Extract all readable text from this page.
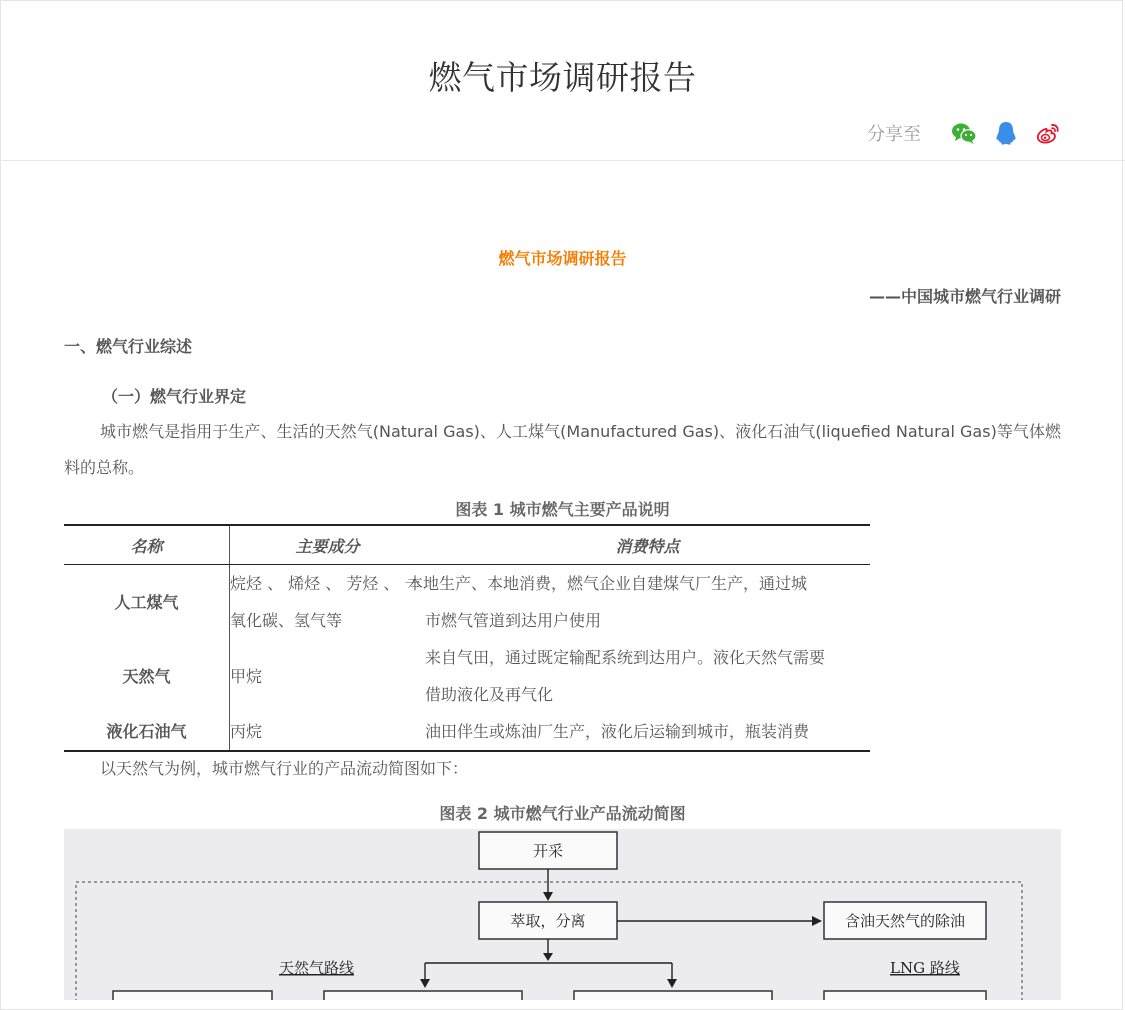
燃气市场调研报告
分享至
燃气市场调研报告
——中国城市燃气行业调研
一、燃气行业综述
（一）燃气行业界定
城市燃气是指用于生产、生活的天然气(Natural Gas)、人工煤气(Manufactured Gas)、液化石油气(liquefied Natural Gas)等气体燃料的总称。
图表 1 城市燃气主要产品说明
名称	主要成分	消费特点
人工煤气	烷烃 、 烯烃 、 芳烃 、 一 氧化碳、氢气等	本地生产、本地消费，燃气企业自建煤气厂生产，通过城
市燃气管道到达用户使用

天然气	甲烷	来自气田，通过既定输配系统到达用户。液化天然气需要
借助液化及再气化

液化石油气	丙烷	油田伴生或炼油厂生产，液化后运输到城市，瓶装消费
以天然气为例，城市燃气行业的产品流动简图如下：
图表 2 城市燃气行业产品流动简图
开采
萃取，分离	含油天然气的除油
天然气路线	LNG 路线
